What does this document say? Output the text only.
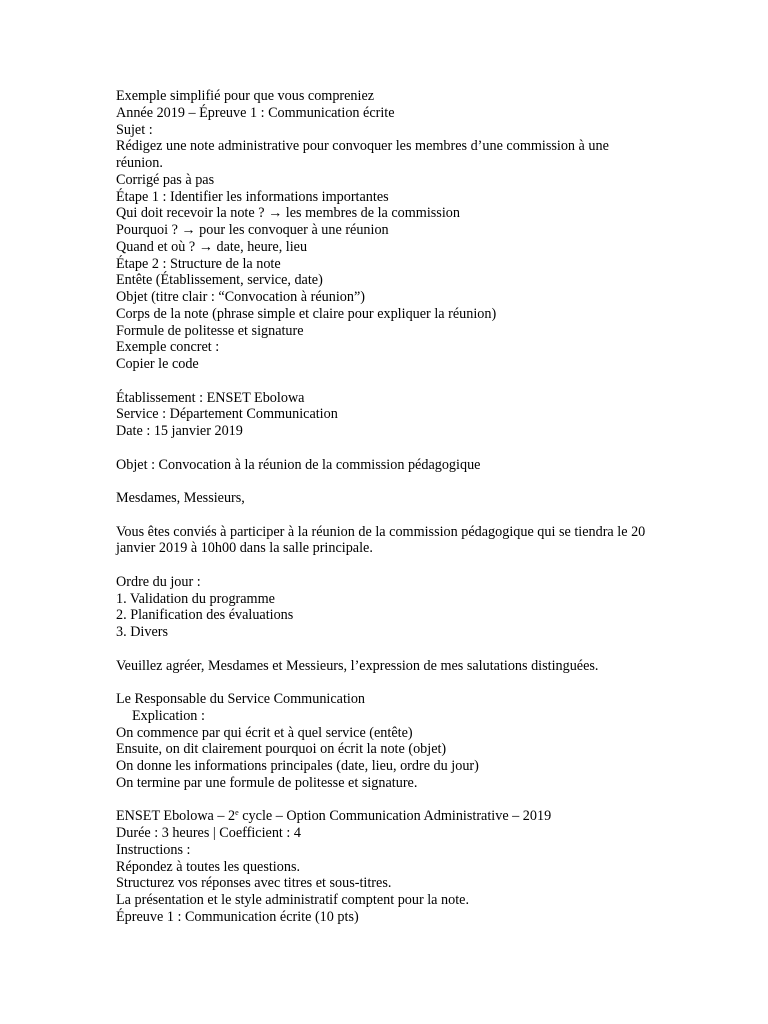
Exemple simplifié pour que vous compreniez
Année 2019 – Épreuve 1 : Communication écrite
Sujet :
Rédigez une note administrative pour convoquer les membres d’une commission à une réunion.
Corrigé pas à pas
Étape 1 : Identifier les informations importantes
Qui doit recevoir la note ? → les membres de la commission
Pourquoi ? → pour les convoquer à une réunion
Quand et où ? → date, heure, lieu
Étape 2 : Structure de la note
Entête (Établissement, service, date)
Objet (titre clair : “Convocation à réunion”)
Corps de la note (phrase simple et claire pour expliquer la réunion)
Formule de politesse et signature
Exemple concret :
Copier le code
Établissement : ENSET Ebolowa
Service : Département Communication
Date : 15 janvier 2019
Objet : Convocation à la réunion de la commission pédagogique
Mesdames, Messieurs,
Vous êtes conviés à participer à la réunion de la commission pédagogique qui se tiendra le 20 janvier 2019 à 10h00 dans la salle principale.
Ordre du jour :
1. Validation du programme
2. Planification des évaluations
3. Divers
Veuillez agréer, Mesdames et Messieurs, l’expression de mes salutations distinguées.
Le Responsable du Service Communication
Explication :
On commence par qui écrit et à quel service (entête)
Ensuite, on dit clairement pourquoi on écrit la note (objet)
On donne les informations principales (date, lieu, ordre du jour)
On termine par une formule de politesse et signature.
ENSET Ebolowa – 2e cycle – Option Communication Administrative – 2019
Durée : 3 heures | Coefficient : 4
Instructions :
Répondez à toutes les questions.
Structurez vos réponses avec titres et sous-titres.
La présentation et le style administratif comptent pour la note.
Épreuve 1 : Communication écrite (10 pts)
